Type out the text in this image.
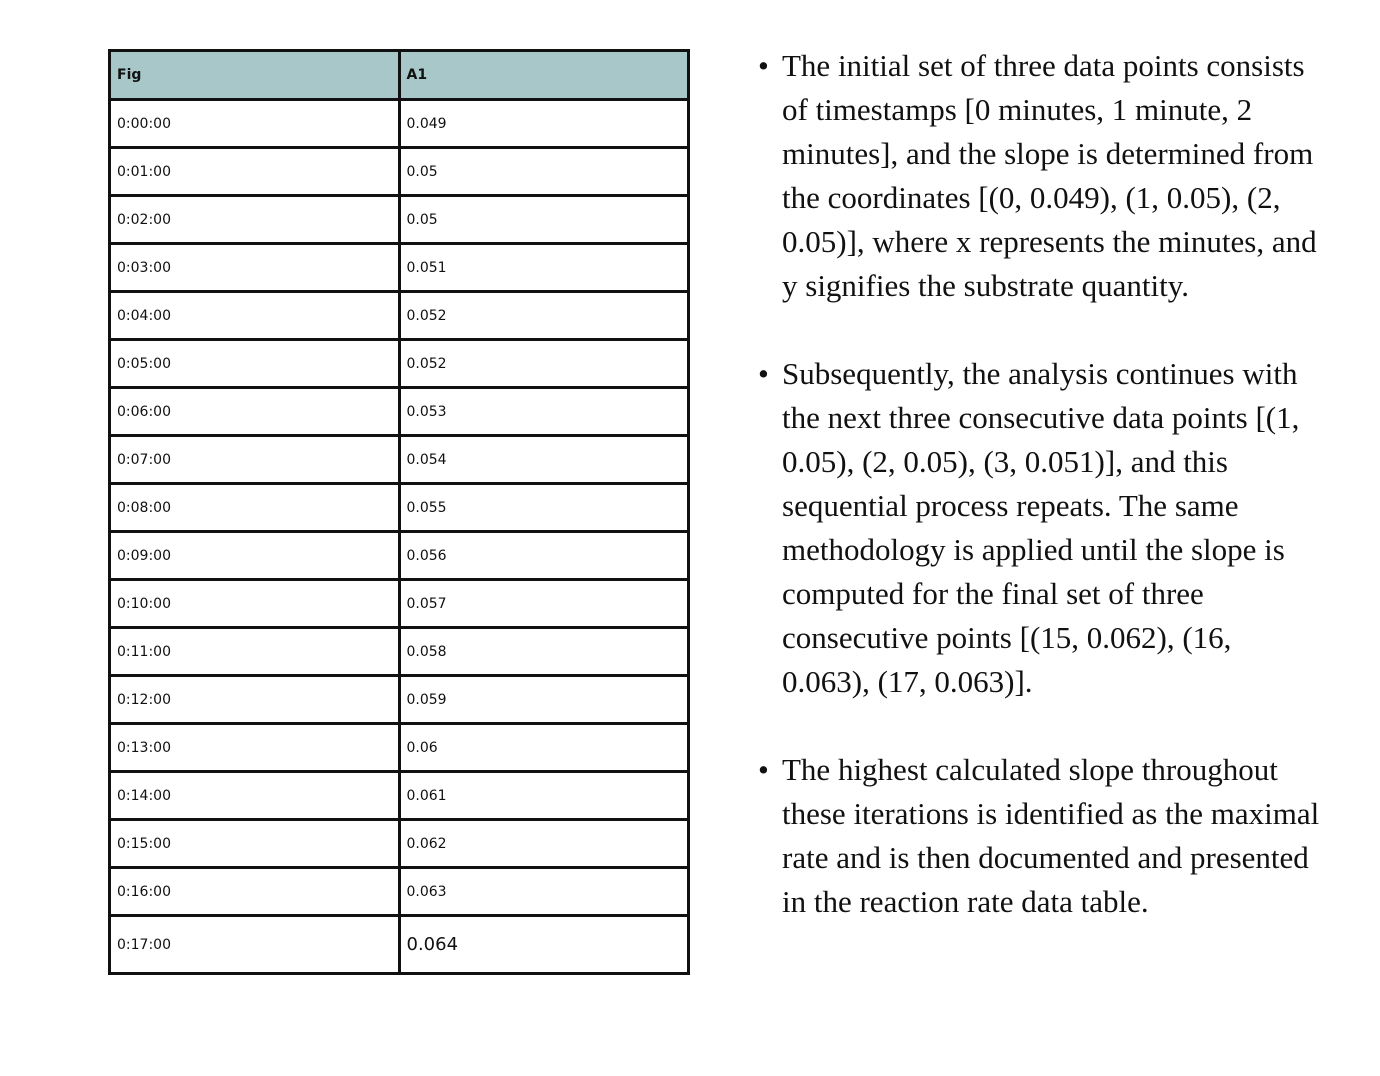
Fig	A1
0:00:00	0.049
0:01:00	0.05
0:02:00	0.05
0:03:00	0.051
0:04:00	0.052
0:05:00	0.052
0:06:00	0.053
0:07:00	0.054
0:08:00	0.055
0:09:00	0.056
0:10:00	0.057
0:11:00	0.058
0:12:00	0.059
0:13:00	0.06
0:14:00	0.061
0:15:00	0.062
0:16:00	0.063
0:17:00	0.064
• The initial set of three data points consists of timestamps [0 minutes, 1 minute, 2 minutes], and the slope is determined from the coordinates [(0, 0.049), (1, 0.05), (2, 0.05)], where x represents the minutes, and y signifies the substrate quantity.
• Subsequently, the analysis continues with the next three consecutive data points [(1, 0.05), (2, 0.05), (3, 0.051)], and this sequential process repeats. The same methodology is applied until the slope is computed for the final set of three consecutive points [(15, 0.062), (16, 0.063), (17, 0.063)].
• The highest calculated slope throughout these iterations is identified as the maximal rate and is then documented and presented in the reaction rate data table.
